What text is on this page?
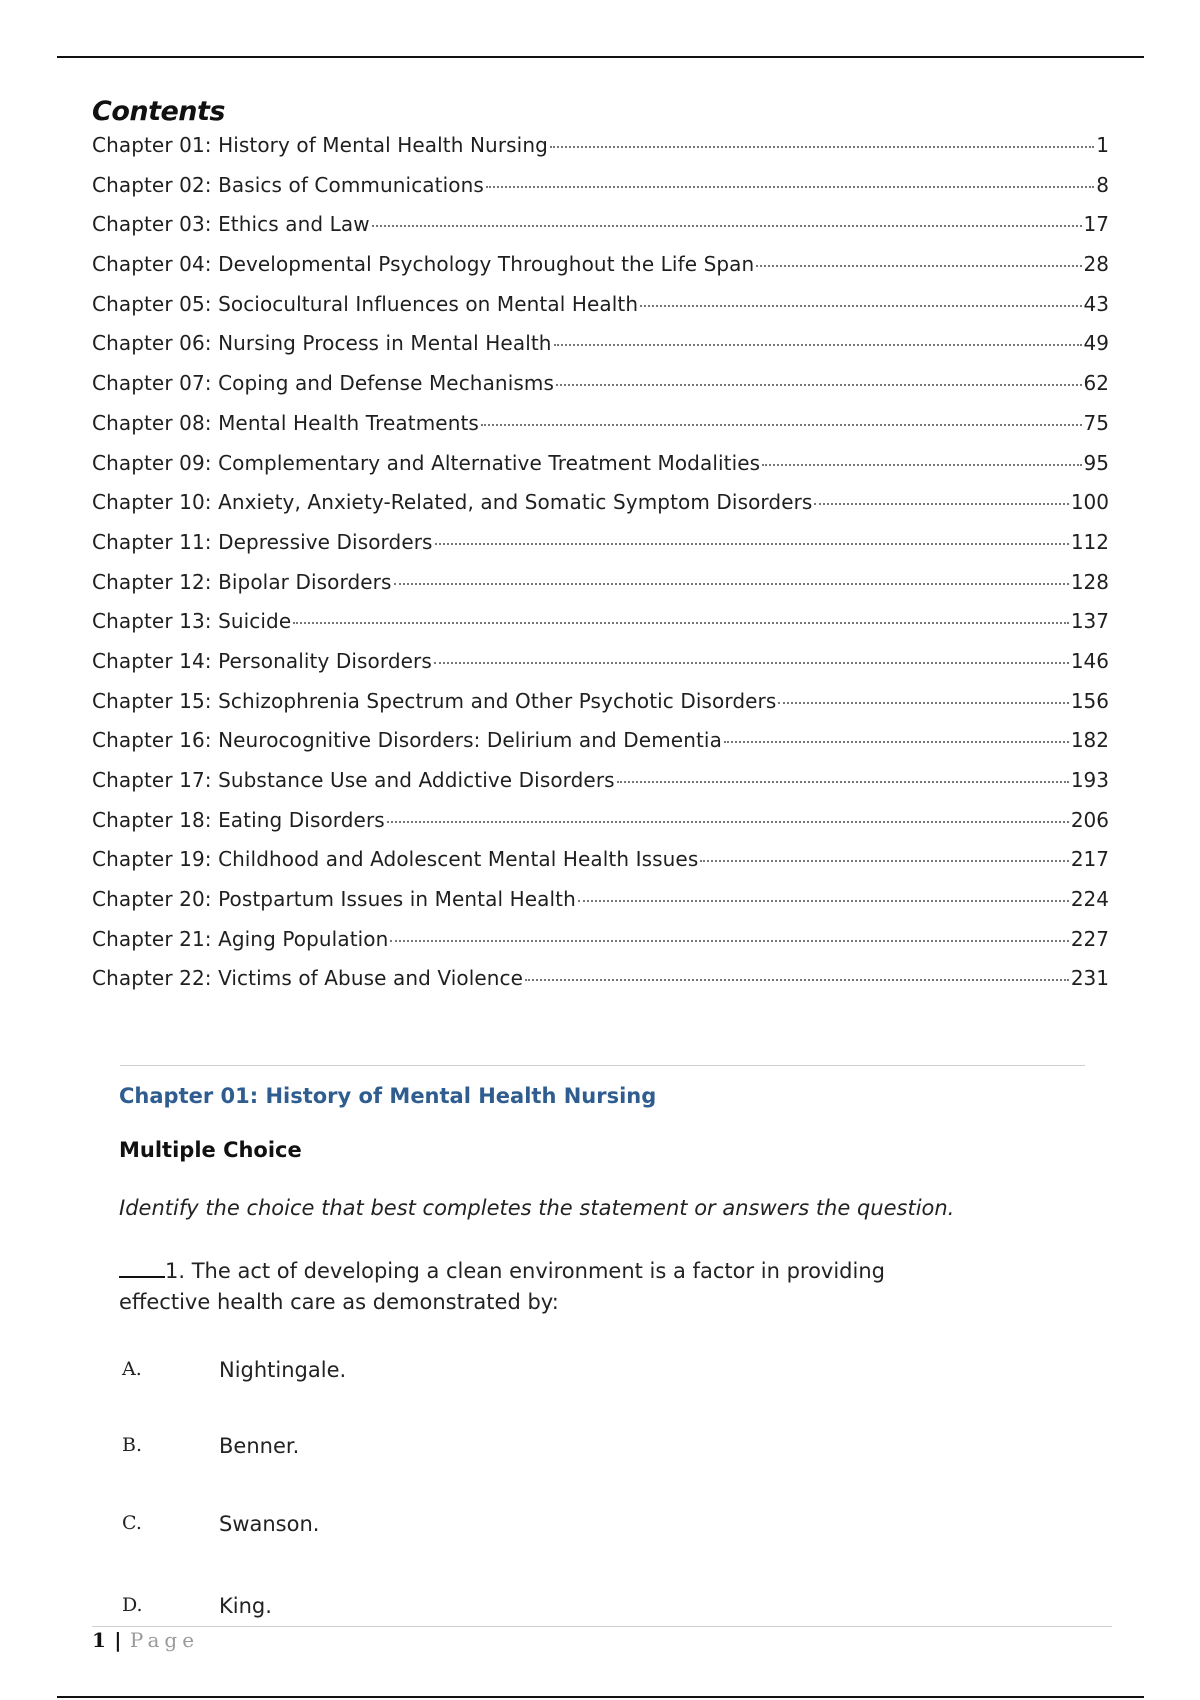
Contents
Chapter 01: History of Mental Health Nursing	1
Chapter 02: Basics of Communications	8
Chapter 03: Ethics and Law	17
Chapter 04: Developmental Psychology Throughout the Life Span	28
Chapter 05: Sociocultural Influences on Mental Health	43
Chapter 06: Nursing Process in Mental Health	49
Chapter 07: Coping and Defense Mechanisms	62
Chapter 08: Mental Health Treatments	75
Chapter 09: Complementary and Alternative Treatment Modalities	95
Chapter 10: Anxiety, Anxiety-Related, and Somatic Symptom Disorders	100
Chapter 11: Depressive Disorders	112
Chapter 12: Bipolar Disorders	128
Chapter 13: Suicide	137
Chapter 14: Personality Disorders	146
Chapter 15: Schizophrenia Spectrum and Other Psychotic Disorders	156
Chapter 16: Neurocognitive Disorders: Delirium and Dementia	182
Chapter 17: Substance Use and Addictive Disorders	193
Chapter 18: Eating Disorders	206
Chapter 19: Childhood and Adolescent Mental Health Issues	217
Chapter 20: Postpartum Issues in Mental Health	224
Chapter 21: Aging Population	227
Chapter 22: Victims of Abuse and Violence	231
Chapter 01: History of Mental Health Nursing
Multiple Choice

Identify the choice that best completes the statement or answers the question.

1. The act of developing a clean environment is a factor in providing effective health care as demonstrated by:

A.	Nightingale.
B.	Benner.
C.	Swanson.
D.	King.
1 | Page
